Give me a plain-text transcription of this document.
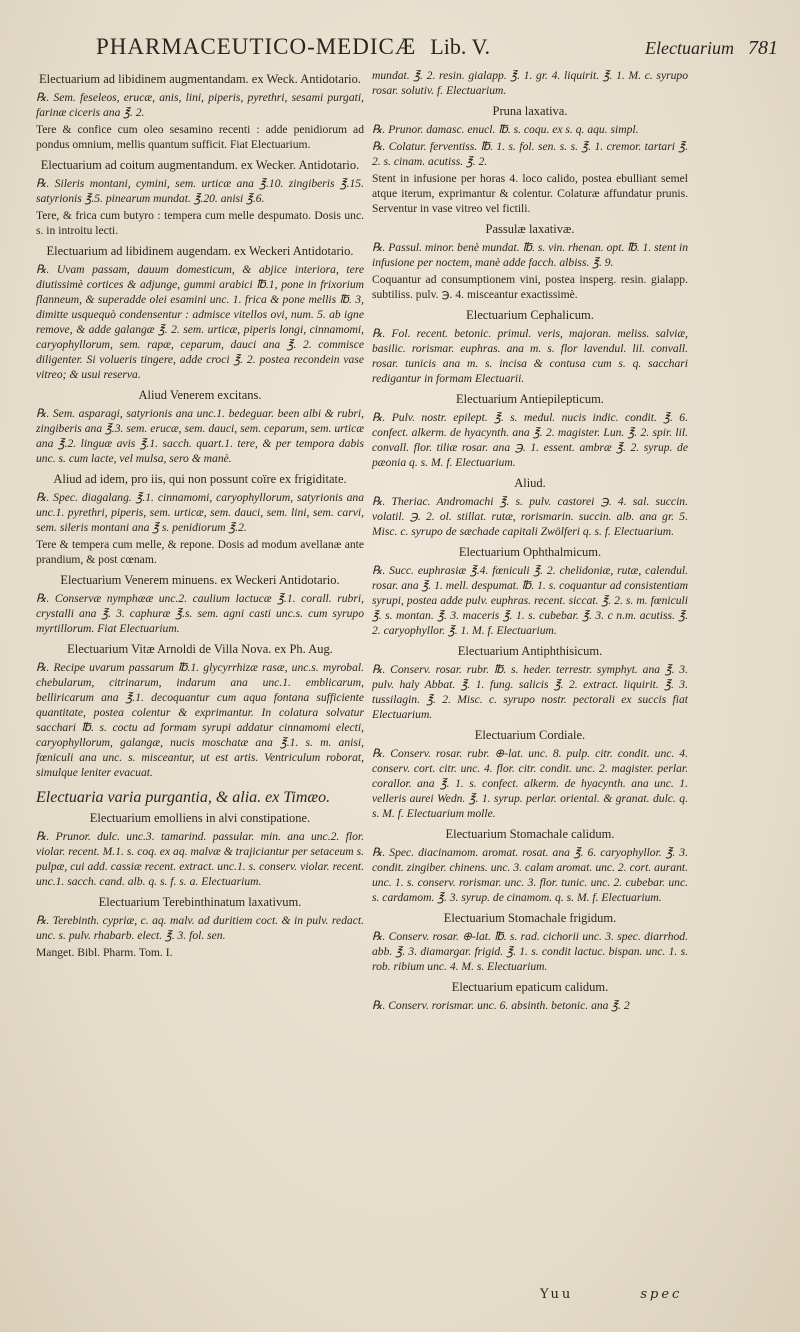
PHARMACEUTICO-MEDICÆ Lib. V.	Electuarium 781
Electuarium ad libidinem augmentandam. ex Weck. Antidotario.
℞. Sem. feseleos, erucæ, anis, lini, piperis, pyrethri, sesami purgati, farinæ ciceris ana ℥. 2.
Tere & confice cum oleo sesamino recenti : adde penidiorum ad pondus omnium, mellis quantum sufficit. Fiat Electuarium.
Electuarium ad coitum augmentandum. ex Wecker. Antidotario.
℞. Sileris montani, cymini, sem. urticæ ana ℥.10. zingiberis ℥.15. satyrionis ℥.5. pinearum mundat. ℥.20. anisi ℥.6.
Tere, & frica cum butyro : tempera cum melle despumato. Dosis unc. s. in introitu lecti.
Electuarium ad libidinem augendam. ex Weckeri Antidotario.
℞. Uvam passam, dauum domesticum, & abjice interiora, tere diutissimè cortices & adjunge, gummi arabici ℔.1, pone in frixorium flanneum, & superadde olei esamini unc. 1. frica & pone mellis ℔. 3, dimitte usquequò condensentur : admisce vitellos ovi, num. 5. ab igne remove, & adde galangæ ℥. 2. sem. urticæ, piperis longi, cinnamomi, caryophyllorum, sem. rapæ, ceparum, dauci ana ℥. 2. commisce diligenter. Si volueris tingere, adde croci ℥. 2. postea recondein vase vitreo; & usui reserva.
Aliud Venerem excitans.
℞. Sem. asparagi, satyrionis ana unc.1. bedeguar. been albi & rubri, zingiberis ana ℥.3. sem. erucæ, sem. dauci, sem. ceparum, sem. urticæ ana ℥.2. linguæ avis ℥.1. sacch. quart.1. tere, & per tempora dabis unc. s. cum lacte, vel mulsa, sero & manè.
Aliud ad idem, pro iis, qui non possunt coïre ex frigiditate.
℞. Spec. diagalang. ℥.1. cinnamomi, caryophyllorum, satyrionis ana unc.1. pyrethri, piperis, sem. urticæ, sem. dauci, sem. lini, sem. carvi, sem. sileris montani ana ℥ s. penidiorum ℥.2.
Tere & tempera cum melle, & repone. Dosis ad modum avellanæ ante prandium, & post cœnam.
Electuarium Venerem minuens. ex Weckeri Antidotario.
℞. Conservæ nymphææ unc.2. caulium lactucæ ℥.1. corall. rubri, crystalli ana ℥. 3. caphuræ ℥.s. sem. agni casti unc.s. cum syrupo myrtillorum. Fiat Electuarium.
Electuarium Vitæ Arnoldi de Villa Nova. ex Ph. Aug.
℞. Recipe uvarum passarum ℔.1. glycyrrhizæ rasæ, unc.s. myrobal. chebularum, citrinarum, indarum ana unc.1. emblicarum, belliricarum ana ℥.1. decoquantur cum aqua fontana sufficiente quantitate, postea colentur & exprimantur. In colatura solvatur sacchari ℔. s. coctu ad formam syrupi addatur cinnamomi electi, caryophyllorum, galangæ, nucis moschatæ ana ℥.1. s. m. anisi, fœniculi ana unc. s. misceantur, ut est artis. Ventriculum roborat, simulque leniter evacuat.
Electuaria varia purgantia, & alia. ex Timæo.
Electuarium emolliens in alvi constipatione.
℞. Prunor. dulc. unc.3. tamarind. passular. min. ana unc.2. flor. violar. recent. M.1. s. coq. ex aq. malvæ & trajiciantur per setaceum s. pulpæ, cui add. cassiæ recent. extract. unc.1. s. conserv. violar. recent. unc.1. sacch. cand. alb. q. s. f. s. a. Electuarium.
Electuarium Terebinthinatum laxativum.
℞. Terebinth. cypriæ, c. aq. malv. ad duritiem coct. & in pulv. redact. unc. s. pulv. rhabarb. elect. ℥. 3. fol. sen.
Manget. Bibl. Pharm. Tom. I.
mundat. ℥. 2. resin. gialapp. ℥. 1. gr. 4. liquirit. ℥. 1. M. c. syrupo rosar. solutiv. f. Electuarium.
Pruna laxativa.
℞. Prunor. damasc. enucl. ℔. s. coqu. ex s. q. aqu. simpl.
℞. Colatur. ferventiss. ℔. 1. s. fol. sen. s. s. ℥. 1. cremor. tartari ℥. 2. s. cinam. acutiss. ℥. 2.
Stent in infusione per horas 4. loco calido, postea ebulliant semel atque iterum, exprimantur & colentur. Colaturæ affundatur prunis. Serventur in vase vitreo vel fictili.
Passulæ laxativæ.
℞. Passul. minor. benè mundat. ℔. s. vin. rhenan. opt. ℔. 1. stent in infusione per noctem, manè adde facch. albiss. ℥. 9.
Coquantur ad consumptionem vini, postea insperg. resin. gialapp. subtiliss. pulv. ℈. 4. misceantur exactissimè.
Electuarium Cephalicum.
℞. Fol. recent. betonic. primul. veris, majoran. meliss. salviæ, basilic. rorismar. euphras. ana m. s. flor lavendul. lil. convall. rosar. tunicis ana m. s. incisa & contusa cum s. q. sacchari redigantur in formam Electuarii.
Electuarium Antiepilepticum.
℞. Pulv. nostr. epilept. ℥. s. medul. nucis indic. condit. ℥. 6. confect. alkerm. de hyacynth. ana ℥. 2. magister. Lun. ℥. 2. spir. lil. convall. flor. tiliæ rosar. ana ℈. 1. essent. ambræ ℥. 2. syrup. de pæonia q. s. M. f. Electuarium.
Aliud.
℞. Theriac. Andromachi ℥. s. pulv. castorei ℈. 4. sal. succin. volatil. ℈. 2. ol. stillat. rutæ, rorismarin. succin. alb. ana gr. 5. Misc. c. syrupo de sæchade capitali Zwölferi q. s. f. Electuarium.
Electuarium Ophthalmicum.
℞. Succ. euphrasiæ ℥.4. fœniculi ℥. 2. chelidoniæ, rutæ, calendul. rosar. ana ℥. 1. mell. despumat. ℔. 1. s. coquantur ad consistentiam syrupi, postea adde pulv. euphras. recent. siccat. ℥. 2. s. m. fœniculi ℥. s. montan. ℥. 3. maceris ℥. 1. s. cubebar. ℥. 3. c n.m. acutiss. ℥. 2. caryophyllor. ℥. 1. M. f. Electuarium.
Electuarium Antiphthisicum.
℞. Conserv. rosar. rubr. ℔. s. heder. terrestr. symphyt. ana ℥. 3. pulv. haly Abbat. ℥. 1. fung. salicis ℥. 2. extract. liquirit. ℥. 3. tussilagin. ℥. 2. Misc. c. syrupo nostr. pectorali ex succis fiat Electuarium.
Electuarium Cordiale.
℞. Conserv. rosar. rubr. ⊕-lat. unc. 8. pulp. citr. condit. unc. 4. conserv. cort. citr. unc. 4. flor. citr. condit. unc. 2. magister. perlar. corallor. ana ℥. 1. s. confect. alkerm. de hyacynth. ana unc. 1. velleris aurei Wedn. ℥. 1. syrup. perlar. oriental. & granat. dulc. q. s. M. f. Electuarium molle.
Electuarium Stomachale calidum.
℞. Spec. diacinamom. aromat. rosat. ana ℥. 6. caryophyllor. ℥. 3. condit. zingiber. chinens. unc. 3. calam aromat. unc. 2. cort. aurant. unc. 1. s. conserv. rorismar. unc. 3. flor. tunic. unc. 2. cubebar. unc. s. cardamom. ℥. 3. syrup. de cinamom. q. s. M. f. Electuarium.
Electuarium Stomachale frigidum.
℞. Conserv. rosar. ⊕-lat. ℔. s. rad. cichorii unc. 3. spec. diarrhod. abb. ℥. 3. diamargar. frigid. ℥. 1. s. condit lactuc. bispan. unc. 1. s. rob. ribium unc. 4. M. s. Electuarium.
Electuarium epaticum calidum.
℞. Conserv. rorismar. unc. 6. absinth. betonic. ana ℥. 2
Yuu	spec
